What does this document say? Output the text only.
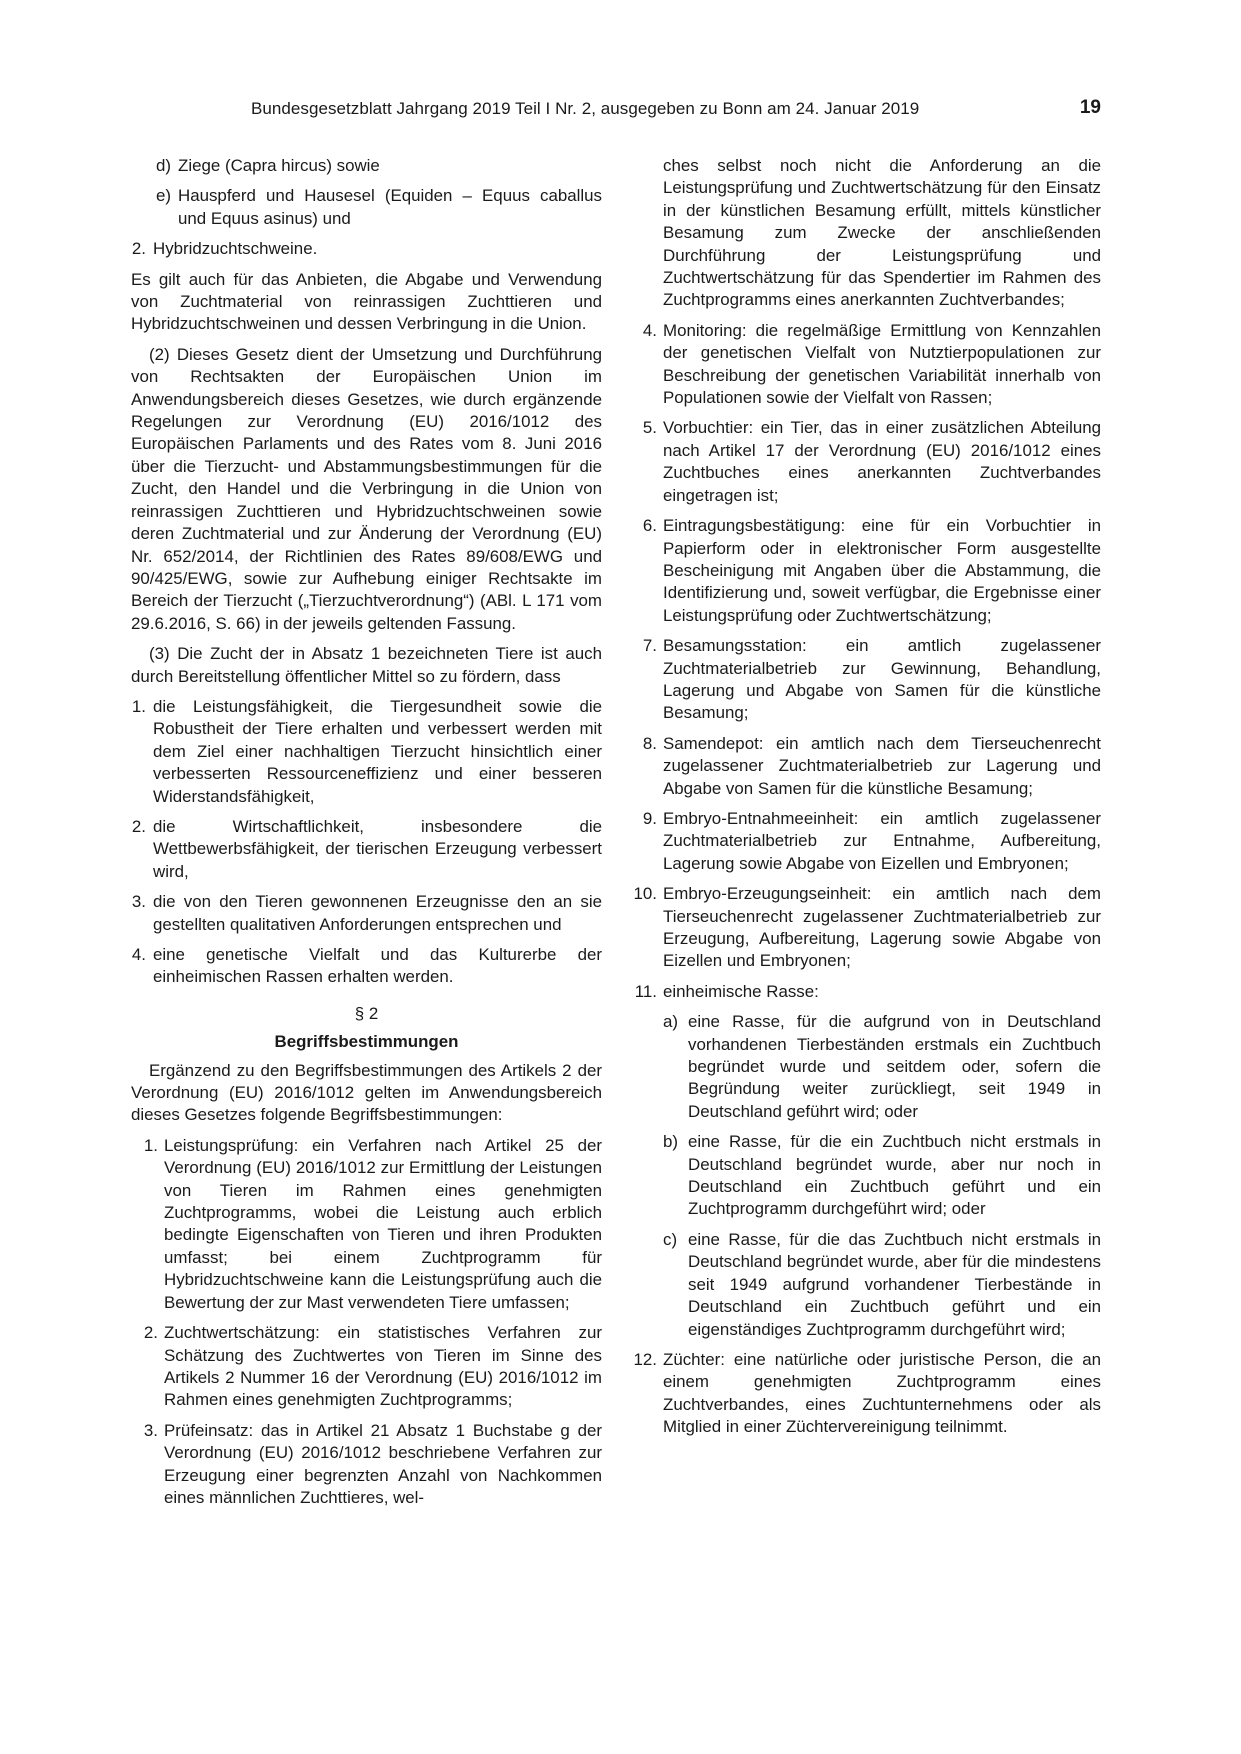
Bundesgesetzblatt Jahrgang 2019 Teil I Nr. 2, ausgegeben zu Bonn am 24. Januar 2019	19

d) Ziege (Capra hircus) sowie

e) Hauspferd und Hausesel (Equiden – Equus caballus und Equus asinus) und

2. Hybridzuchtschweine.

Es gilt auch für das Anbieten, die Abgabe und Verwendung von Zuchtmaterial von reinrassigen Zuchttieren und Hybridzuchtschweinen und dessen Verbringung in die Union.

(2) Dieses Gesetz dient der Umsetzung und Durchführung von Rechtsakten der Europäischen Union im Anwendungsbereich dieses Gesetzes, wie durch ergänzende Regelungen zur Verordnung (EU) 2016/1012 des Europäischen Parlaments und des Rates vom 8. Juni 2016 über die Tierzucht- und Abstammungsbestimmungen für die Zucht, den Handel und die Verbringung in die Union von reinrassigen Zuchttieren und Hybridzuchtschweinen sowie deren Zuchtmaterial und zur Änderung der Verordnung (EU) Nr. 652/2014, der Richtlinien des Rates 89/608/EWG und 90/425/EWG, sowie zur Aufhebung einiger Rechtsakte im Bereich der Tierzucht („Tierzuchtverordnung“) (ABl. L 171 vom 29.6.2016, S. 66) in der jeweils geltenden Fassung.

(3) Die Zucht der in Absatz 1 bezeichneten Tiere ist auch durch Bereitstellung öffentlicher Mittel so zu fördern, dass

1. die Leistungsfähigkeit, die Tiergesundheit sowie die Robustheit der Tiere erhalten und verbessert werden mit dem Ziel einer nachhaltigen Tierzucht hinsichtlich einer verbesserten Ressourceneffizienz und einer besseren Widerstandsfähigkeit,

2. die Wirtschaftlichkeit, insbesondere die Wettbewerbsfähigkeit, der tierischen Erzeugung verbessert wird,

3. die von den Tieren gewonnenen Erzeugnisse den an sie gestellten qualitativen Anforderungen entsprechen und

4. eine genetische Vielfalt und das Kulturerbe der einheimischen Rassen erhalten werden.

§ 2

Begriffsbestimmungen

Ergänzend zu den Begriffsbestimmungen des Artikels 2 der Verordnung (EU) 2016/1012 gelten im Anwendungsbereich dieses Gesetzes folgende Begriffsbestimmungen:

1. Leistungsprüfung: ein Verfahren nach Artikel 25 der Verordnung (EU) 2016/1012 zur Ermittlung der Leistungen von Tieren im Rahmen eines genehmigten Zuchtprogramms, wobei die Leistung auch erblich bedingte Eigenschaften von Tieren und ihren Produkten umfasst; bei einem Zuchtprogramm für Hybridzuchtschweine kann die Leistungsprüfung auch die Bewertung der zur Mast verwendeten Tiere umfassen;

2. Zuchtwertschätzung: ein statistisches Verfahren zur Schätzung des Zuchtwertes von Tieren im Sinne des Artikels 2 Nummer 16 der Verordnung (EU) 2016/1012 im Rahmen eines genehmigten Zuchtprogramms;

3. Prüfeinsatz: das in Artikel 21 Absatz 1 Buchstabe g der Verordnung (EU) 2016/1012 beschriebene Verfahren zur Erzeugung einer begrenzten Anzahl von Nachkommen eines männlichen Zuchttieres, wel-

ches selbst noch nicht die Anforderung an die Leistungsprüfung und Zuchtwertschätzung für den Einsatz in der künstlichen Besamung erfüllt, mittels künstlicher Besamung zum Zwecke der anschließenden Durchführung der Leistungsprüfung und Zuchtwertschätzung für das Spendertier im Rahmen des Zuchtprogramms eines anerkannten Zuchtverbandes;

4. Monitoring: die regelmäßige Ermittlung von Kennzahlen der genetischen Vielfalt von Nutztierpopulationen zur Beschreibung der genetischen Variabilität innerhalb von Populationen sowie der Vielfalt von Rassen;

5. Vorbuchtier: ein Tier, das in einer zusätzlichen Abteilung nach Artikel 17 der Verordnung (EU) 2016/1012 eines Zuchtbuches eines anerkannten Zuchtverbandes eingetragen ist;

6. Eintragungsbestätigung: eine für ein Vorbuchtier in Papierform oder in elektronischer Form ausgestellte Bescheinigung mit Angaben über die Abstammung, die Identifizierung und, soweit verfügbar, die Ergebnisse einer Leistungsprüfung oder Zuchtwertschätzung;

7. Besamungsstation: ein amtlich zugelassener Zuchtmaterialbetrieb zur Gewinnung, Behandlung, Lagerung und Abgabe von Samen für die künstliche Besamung;

8. Samendepot: ein amtlich nach dem Tierseuchenrecht zugelassener Zuchtmaterialbetrieb zur Lagerung und Abgabe von Samen für die künstliche Besamung;

9. Embryo-Entnahmeeinheit: ein amtlich zugelassener Zuchtmaterialbetrieb zur Entnahme, Aufbereitung, Lagerung sowie Abgabe von Eizellen und Embryonen;

10. Embryo-Erzeugungseinheit: ein amtlich nach dem Tierseuchenrecht zugelassener Zuchtmaterialbetrieb zur Erzeugung, Aufbereitung, Lagerung sowie Abgabe von Eizellen und Embryonen;

11. einheimische Rasse:

a) eine Rasse, für die aufgrund von in Deutschland vorhandenen Tierbeständen erstmals ein Zuchtbuch begründet wurde und seitdem oder, sofern die Begründung weiter zurückliegt, seit 1949 in Deutschland geführt wird; oder

b) eine Rasse, für die ein Zuchtbuch nicht erstmals in Deutschland begründet wurde, aber nur noch in Deutschland ein Zuchtbuch geführt und ein Zuchtprogramm durchgeführt wird; oder

c) eine Rasse, für die das Zuchtbuch nicht erstmals in Deutschland begründet wurde, aber für die mindestens seit 1949 aufgrund vorhandener Tierbestände in Deutschland ein Zuchtbuch geführt und ein eigenständiges Zuchtprogramm durchgeführt wird;

12. Züchter: eine natürliche oder juristische Person, die an einem genehmigten Zuchtprogramm eines Zuchtverbandes, eines Zuchtunternehmens oder als Mitglied in einer Züchtervereinigung teilnimmt.
